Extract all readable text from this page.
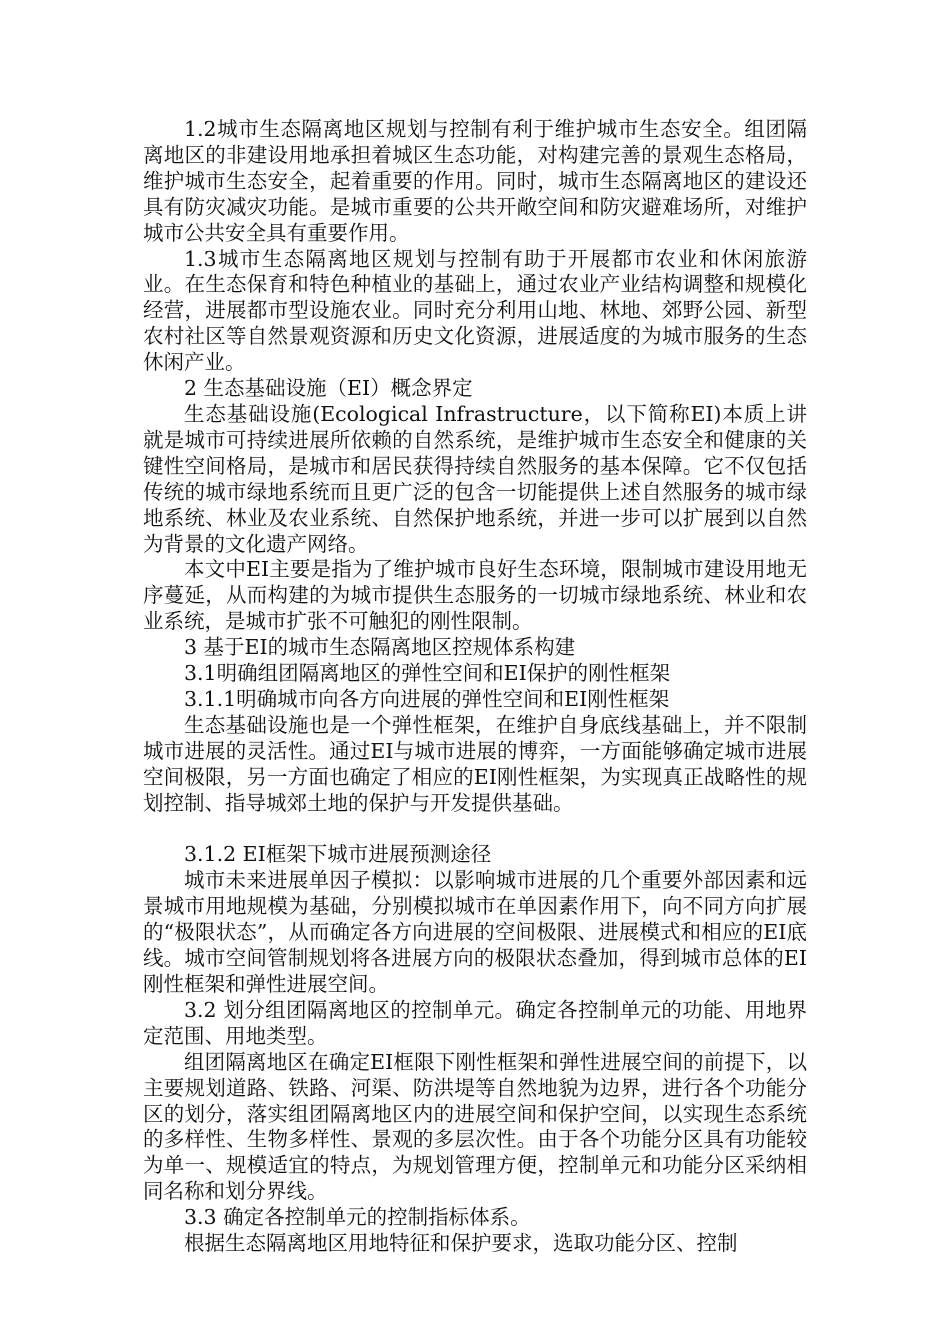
1.2城市生态隔离地区规划与控制有利于维护城市生态安全。组团隔离地区的非建设用地承担着城区生态功能，对构建完善的景观生态格局，维护城市生态安全，起着重要的作用。同时，城市生态隔离地区的建设还具有防灾减灾功能。是城市重要的公共开敞空间和防灾避难场所，对维护城市公共安全具有重要作用。

1.3城市生态隔离地区规划与控制有助于开展都市农业和休闲旅游业。在生态保育和特色种植业的基础上，通过农业产业结构调整和规模化经营，进展都市型设施农业。同时充分利用山地、林地、郊野公园、新型农村社区等自然景观资源和历史文化资源，进展适度的为城市服务的生态休闲产业。

2 生态基础设施（EI）概念界定

生态基础设施(Ecological Infrastructure，以下简称EI)本质上讲就是城市可持续进展所依赖的自然系统，是维护城市生态安全和健康的关键性空间格局，是城市和居民获得持续自然服务的基本保障。它不仅包括传统的城市绿地系统而且更广泛的包含一切能提供上述自然服务的城市绿地系统、林业及农业系统、自然保护地系统，并进一步可以扩展到以自然为背景的文化遗产网络。

本文中EI主要是指为了维护城市良好生态环境，限制城市建设用地无序蔓延，从而构建的为城市提供生态服务的一切城市绿地系统、林业和农业系统，是城市扩张不可触犯的刚性限制。

3 基于EI的城市生态隔离地区控规体系构建

3.1明确组团隔离地区的弹性空间和EI保护的刚性框架

3.1.1明确城市向各方向进展的弹性空间和EI刚性框架

生态基础设施也是一个弹性框架，在维护自身底线基础上，并不限制城市进展的灵活性。通过EI与城市进展的博弈，一方面能够确定城市进展空间极限，另一方面也确定了相应的EI刚性框架，为实现真正战略性的规划控制、指导城郊土地的保护与开发提供基础。

3.1.2 EI框架下城市进展预测途径

城市未来进展单因子模拟：以影响城市进展的几个重要外部因素和远景城市用地规模为基础，分别模拟城市在单因素作用下，向不同方向扩展的“极限状态”，从而确定各方向进展的空间极限、进展模式和相应的EI底线。城市空间管制规划将各进展方向的极限状态叠加，得到城市总体的EI刚性框架和弹性进展空间。

3.2 划分组团隔离地区的控制单元。确定各控制单元的功能、用地界定范围、用地类型。

组团隔离地区在确定EI框限下刚性框架和弹性进展空间的前提下，以主要规划道路、铁路、河渠、防洪堤等自然地貌为边界，进行各个功能分区的划分，落实组团隔离地区内的进展空间和保护空间，以实现生态系统的多样性、生物多样性、景观的多层次性。由于各个功能分区具有功能较为单一、规模适宜的特点，为规划管理方便，控制单元和功能分区采纳相同名称和划分界线。

3.3 确定各控制单元的控制指标体系。

根据生态隔离地区用地特征和保护要求，选取功能分区、控制
